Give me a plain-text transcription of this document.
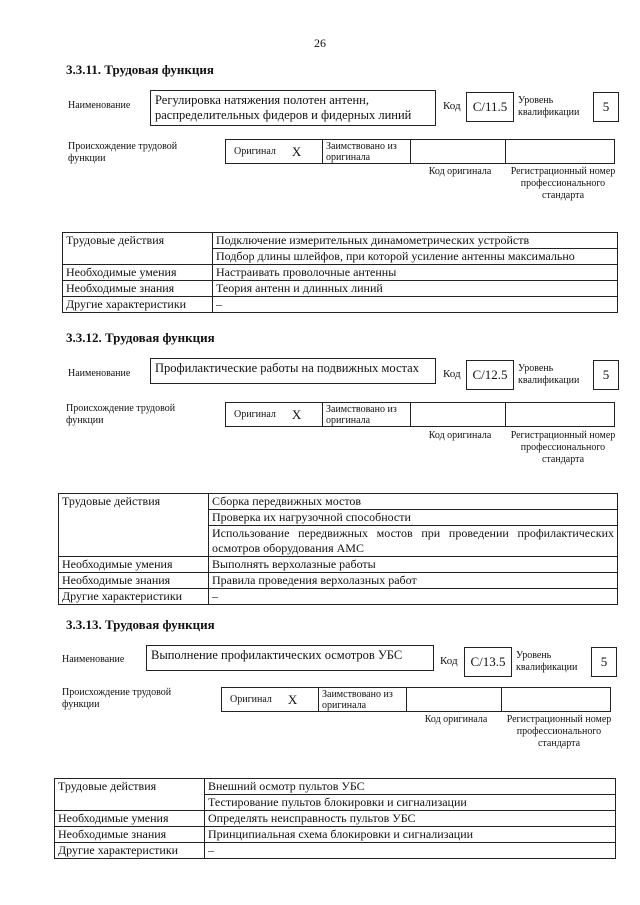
26
3.3.11. Трудовая функция
Наименование	Регулировка натяжения полотен антенн, распределительных фидеров и фидерных линий
Код C/11.5	Уровень квалификации	5
Происхождение трудовой функции
Оригинал X	Заимствовано из оригинала
Код оригинала	Регистрационный номер профессионального стандарта
Трудовые действия	Подключение измерительных динамометрических устройств
	Подбор длины шлейфов, при которой усиление антенны максимально
Необходимые умения	Настраивать проволочные антенны
Необходимые знания	Теория антенн и длинных линий
Другие характеристики	–
3.3.12. Трудовая функция
Наименование	Профилактические работы на подвижных мостах	Код C/12.5	Уровень квалификации	5
Происхождение трудовой функции
Оригинал X	Заимствовано из оригинала
Код оригинала	Регистрационный номер профессионального стандарта
Трудовые действия	Сборка передвижных мостов
	Проверка их нагрузочной способности
	Использование передвижных мостов при проведении профилактических осмотров оборудования АМС
Необходимые умения	Выполнять верхолазные работы
Необходимые знания	Правила проведения верхолазных работ
Другие характеристики	–
3.3.13. Трудовая функция
Наименование	Выполнение профилактических осмотров УБС	Код C/13.5	Уровень квалификации	5
Происхождение трудовой функции	Оригинал X	Заимствовано из оригинала
Код оригинала	Регистрационный номер профессионального стандарта
Трудовые действия	Внешний осмотр пультов УБС
	Тестирование пультов блокировки и сигнализации
Необходимые умения	Определять неисправность пультов УБС
Необходимые знания	Принципиальная схема блокировки и сигнализации
Другие характеристики	–
